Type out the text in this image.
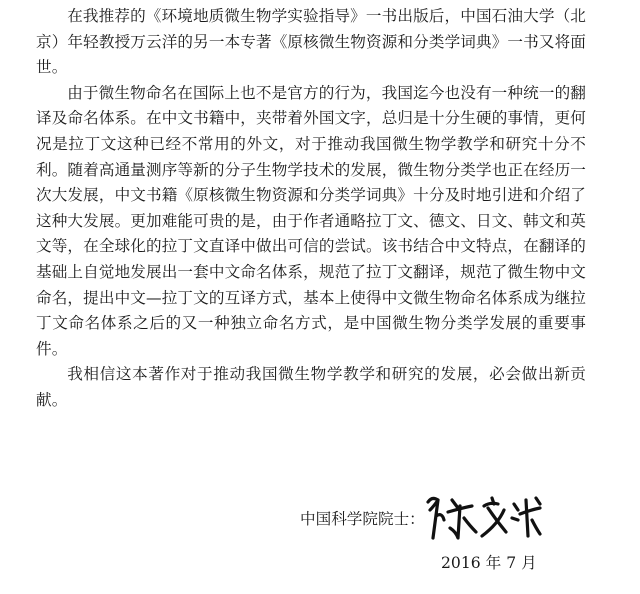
在我推荐的《环境地质微生物学实验指导》一书出版后，中国石油大学（北京）年轻教授万云洋的另一本专著《原核微生物资源和分类学词典》一书又将面世。

由于微生物命名在国际上也不是官方的行为，我国迄今也没有一种统一的翻译及命名体系。在中文书籍中，夹带着外国文字，总归是十分生硬的事情，更何况是拉丁文这种已经不常用的外文，对于推动我国微生物学教学和研究十分不利。随着高通量测序等新的分子生物学技术的发展，微生物分类学也正在经历一次大发展，中文书籍《原核微生物资源和分类学词典》十分及时地引进和介绍了这种大发展。更加难能可贵的是，由于作者通略拉丁文、德文、日文、韩文和英文等，在全球化的拉丁文直译中做出可信的尝试。该书结合中文特点，在翻译的基础上自觉地发展出一套中文命名体系，规范了拉丁文翻译，规范了微生物中文命名，提出中文—拉丁文的互译方式，基本上使得中文微生物命名体系成为继拉丁文命名体系之后的又一种独立命名方式，是中国微生物分类学发展的重要事件。

我相信这本著作对于推动我国微生物学教学和研究的发展，必会做出新贡献。

中国科学院院士：
2016 年 7 月
